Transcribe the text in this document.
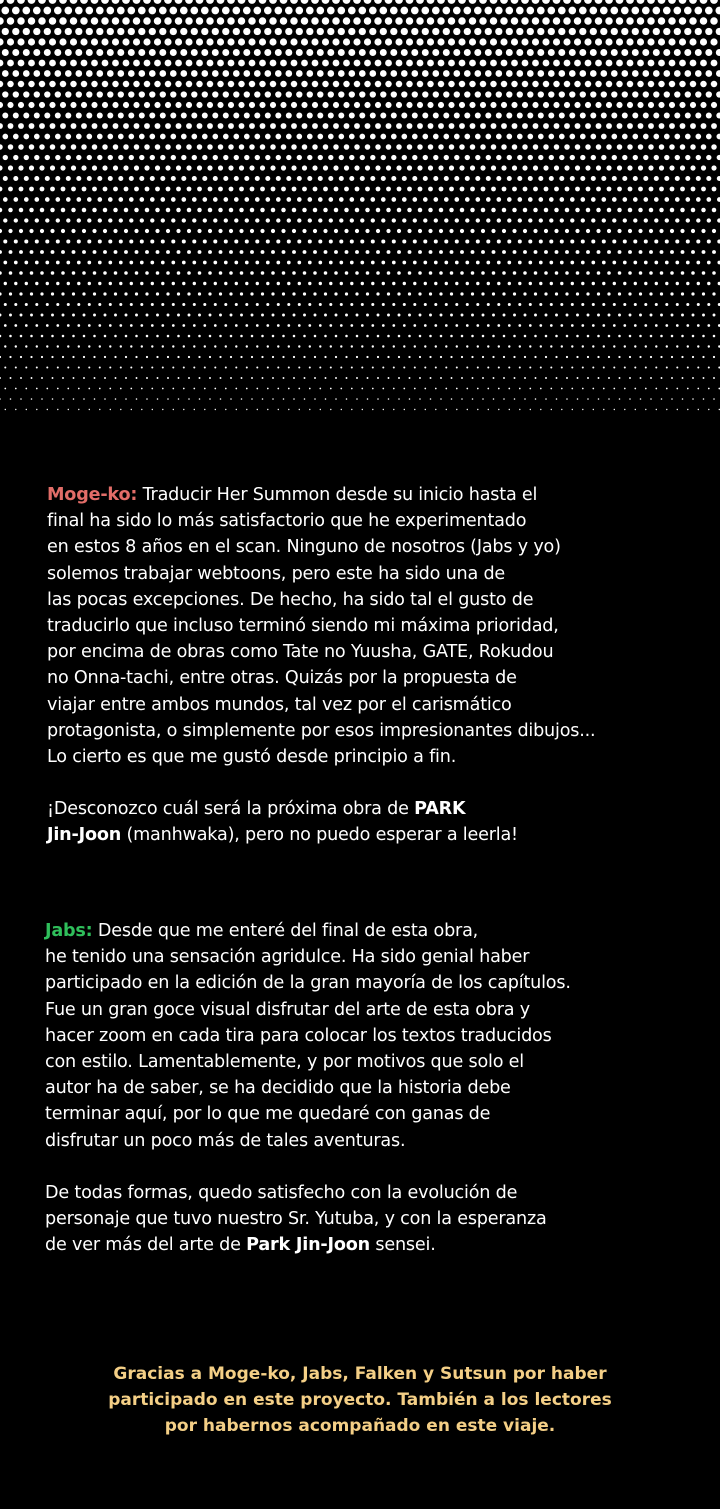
Moge-ko: Traducir Her Summon desde su inicio hasta el
final ha sido lo más satisfactorio que he experimentado
en estos 8 años en el scan. Ninguno de nosotros (Jabs y yo)
solemos trabajar webtoons, pero este ha sido una de
las pocas excepciones. De hecho, ha sido tal el gusto de
traducirlo que incluso terminó siendo mi máxima prioridad,
por encima de obras como Tate no Yuusha, GATE, Rokudou
no Onna-tachi, entre otras. Quizás por la propuesta de
viajar entre ambos mundos, tal vez por el carismático
protagonista, o simplemente por esos impresionantes dibujos...
Lo cierto es que me gustó desde principio a fin.

¡Desconozco cuál será la próxima obra de PARK
Jin-Joon (manhwaka), pero no puedo esperar a leerla!

Jabs: Desde que me enteré del final de esta obra,
he tenido una sensación agridulce. Ha sido genial haber
participado en la edición de la gran mayoría de los capítulos.
Fue un gran goce visual disfrutar del arte de esta obra y
hacer zoom en cada tira para colocar los textos traducidos
con estilo. Lamentablemente, y por motivos que solo el
autor ha de saber, se ha decidido que la historia debe
terminar aquí, por lo que me quedaré con ganas de
disfrutar un poco más de tales aventuras.

De todas formas, quedo satisfecho con la evolución de
personaje que tuvo nuestro Sr. Yutuba, y con la esperanza
de ver más del arte de Park Jin-Joon sensei.

Gracias a Moge-ko, Jabs, Falken y Sutsun por haber
participado en este proyecto. También a los lectores
por habernos acompañado en este viaje.
